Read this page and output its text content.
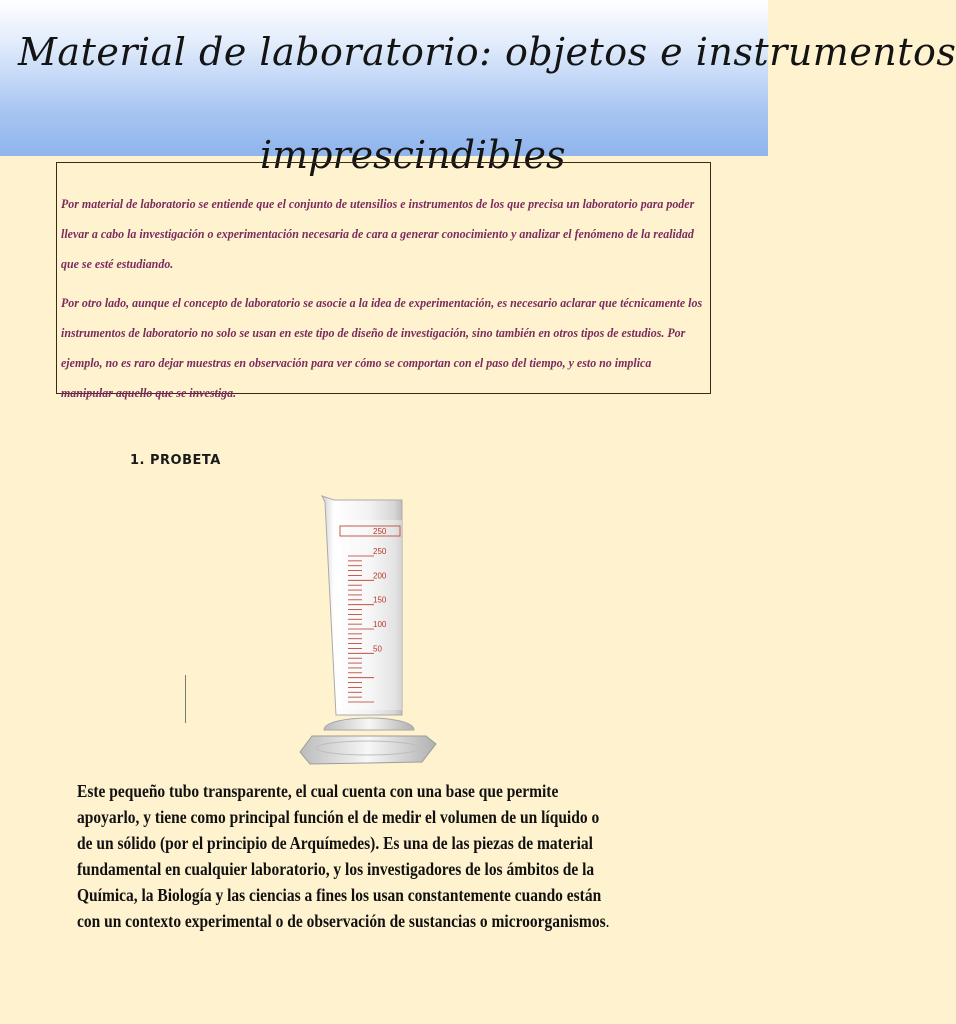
Material de laboratorio: objetos e instrumentos
imprescindibles

Por material de laboratorio se entiende que el conjunto de utensilios e instrumentos de los que precisa un laboratorio para poder llevar a cabo la investigación o experimentación necesaria de cara a generar conocimiento y analizar el fenómeno de la realidad que se esté estudiando.

Por otro lado, aunque el concepto de laboratorio se asocie a la idea de experimentación, es necesario aclarar que técnicamente los instrumentos de laboratorio no solo se usan en este tipo de diseño de investigación, sino también en otros tipos de estudios. Por ejemplo, no es raro dejar muestras en observación para ver cómo se comportan con el paso del tiempo, y esto no implica manipular aquello que se investiga.

1. PROBETA
250
200
150
100
50
250

Este pequeño tubo transparente, el cual cuenta con una base que permite apoyarlo, y tiene como principal función el de medir el volumen de un líquido o de un sólido (por el principio de Arquímedes). Es una de las piezas de material fundamental en cualquier laboratorio, y los investigadores de los ámbitos de la Química, la Biología y las ciencias a fines los usan constantemente cuando están con un contexto experimental o de observación de sustancias o microorganismos.
